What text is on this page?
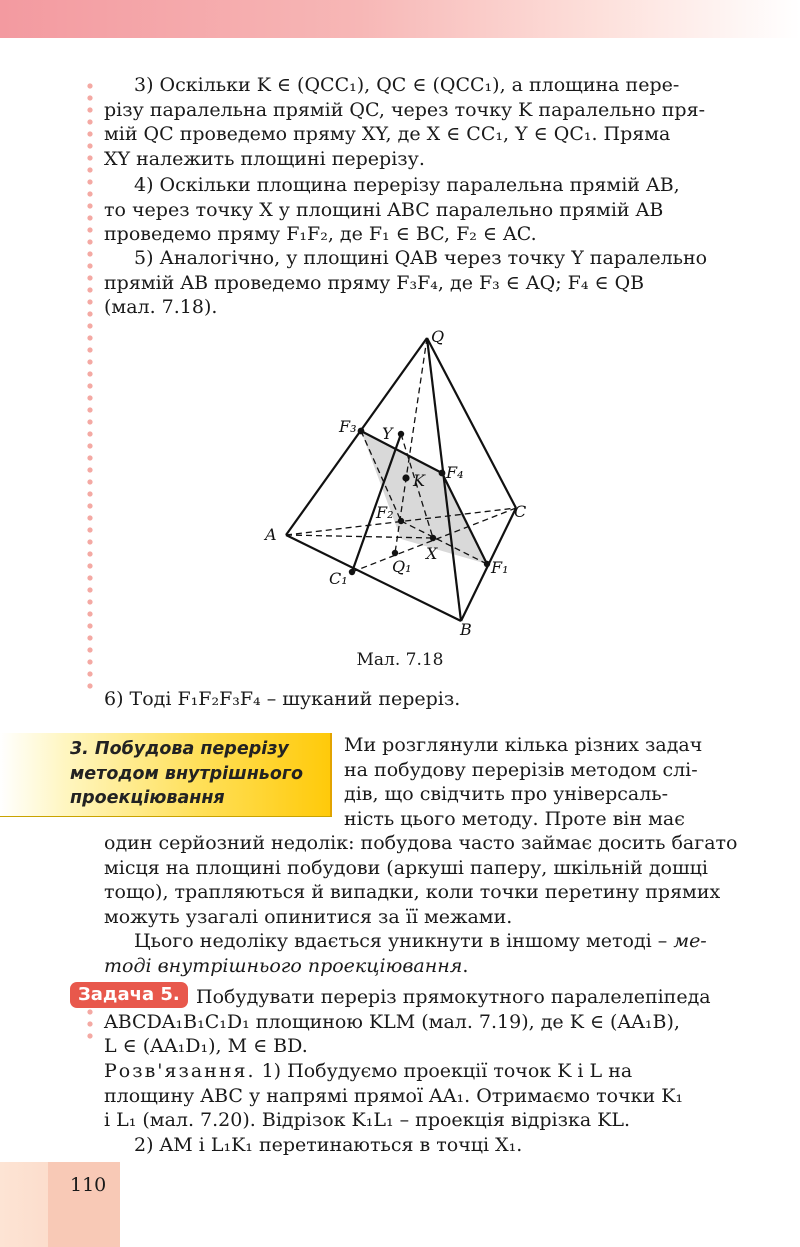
3) Оскільки K ∈ (QCC₁), QC ∈ (QCC₁), а площина пере-
різу паралельна прямій QC, через точку K паралельно пря-
мій QC проведемо пряму XY, де X ∈ CC₁, Y ∈ QC₁. Пряма
XY належить площині перерізу.
4) Оскільки площина перерізу паралельна прямій AB,
то через точку X у площині ABC паралельно прямій AB
проведемо пряму F₁F₂, де F₁ ∈ BC, F₂ ∈ AC.
5) Аналогічно, у площині QAB через точку Y паралельно
прямій AB проведемо пряму F₃F₄, де F₃ ∈ AQ; F₄ ∈ QB
(мал. 7.18).
Q
A
B
C
C₁
Q₁	F₁
F₂
F₃
F₄
X
Y
K
Мал. 7.18
6) Тоді F₁F₂F₃F₄ – шуканий переріз.
3. Побудова перерізу
методом внутрішнього
проекціювання
Ми розглянули кілька різних задач
на побудову перерізів методом слі-
дів, що свідчить про універсаль-
ність цього методу. Проте він має
один серйозний недолік: побудова часто займає досить багато
місця на площині побудови (аркуші паперу, шкільній дошці
тощо), трапляються й випадки, коли точки перетину прямих
можуть узагалі опинитися за її межами.
Цього недоліку вдається уникнути в іншому методі – ме-
тоді внутрішнього проекціювання.
Задача 5. Побудувати переріз прямокутного паралелепіпеда
ABCDA₁B₁C₁D₁ площиною KLM (мал. 7.19), де K ∈ (AA₁B),
L ∈ (AA₁D₁), M ∈ BD.
Розв'язання. 1) Побудуємо проекції точок K і L на
площину ABC у напрямі прямої AA₁. Отримаємо точки K₁
і L₁ (мал. 7.20). Відрізок K₁L₁ – проекція відрізка KL.
2) AM і L₁K₁ перетинаються в точці X₁.
110
